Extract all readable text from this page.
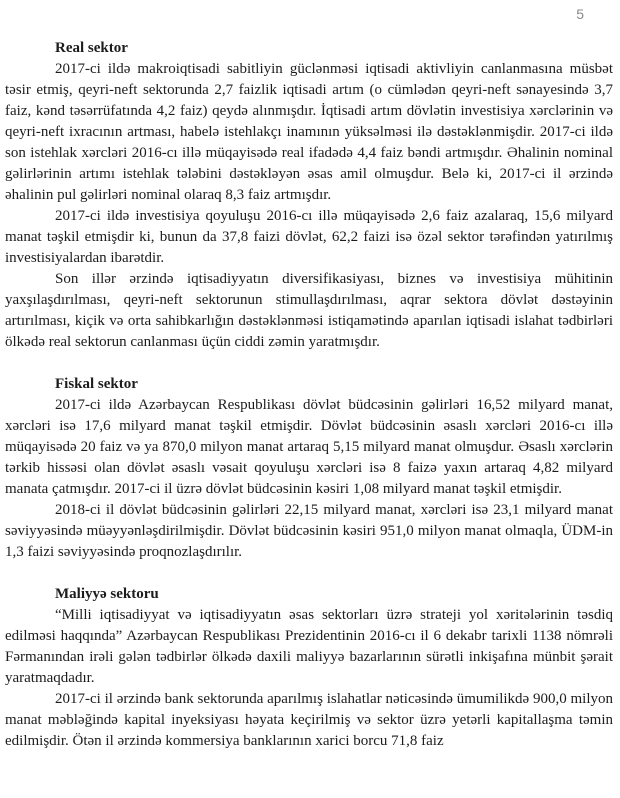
5
Real sektor

2017-ci ildə makroiqtisadi sabitliyin güclənməsi iqtisadi aktivliyin canlanmasına müsbət təsir etmiş, qeyri-neft sektorunda 2,7 faizlik iqtisadi artım (o cümlədən qeyri-neft sənayesində 3,7 faiz, kənd təsərrüfatında 4,2 faiz) qeydə alınmışdır. İqtisadi artım dövlətin investisiya xərclərinin və qeyri-neft ixracının artması, habelə istehlakçı inamının yüksəlməsi ilə dəstəklənmişdir. 2017-ci ildə son istehlak xərcləri 2016-cı illə müqayisədə real ifadədə 4,4 faiz bəndi artmışdır. Əhalinin nominal gəlirlərinin artımı istehlak tələbini dəstəkləyən əsas amil olmuşdur. Belə ki, 2017-ci il ərzində əhalinin pul gəlirləri nominal olaraq 8,3 faiz artmışdır.

2017-ci ildə investisiya qoyuluşu 2016-cı illə müqayisədə 2,6 faiz azalaraq, 15,6 milyard manat təşkil etmişdir ki, bunun da 37,8 faizi dövlət, 62,2 faizi isə özəl sektor tərəfindən yatırılmış investisiyalardan ibarətdir.

Son illər ərzində iqtisadiyyatın diversifikasiyası, biznes və investisiya mühitinin yaxşılaşdırılması, qeyri-neft sektorunun stimullaşdırılması, aqrar sektora dövlət dəstəyinin artırılması, kiçik və orta sahibkarlığın dəstəklənməsi istiqamətində aparılan iqtisadi islahat tədbirləri ölkədə real sektorun canlanması üçün ciddi zəmin yaratmışdır.

Fiskal sektor

2017-ci ildə Azərbaycan Respublikası dövlət büdcəsinin gəlirləri 16,52 milyard manat, xərcləri isə 17,6 milyard manat təşkil etmişdir. Dövlət büdcəsinin əsaslı xərcləri 2016-cı illə müqayisədə 20 faiz və ya 870,0 milyon manat artaraq 5,15 milyard manat olmuşdur. Əsaslı xərclərin tərkib hissəsi olan dövlət əsaslı vəsait qoyuluşu xərcləri isə 8 faizə yaxın artaraq 4,82 milyard manata çatmışdır. 2017-ci il üzrə dövlət büdcəsinin kəsiri 1,08 milyard manat təşkil etmişdir.

2018-ci il dövlət büdcəsinin gəlirləri 22,15 milyard manat, xərcləri isə 23,1 milyard manat səviyyəsində müəyyənləşdirilmişdir. Dövlət büdcəsinin kəsiri 951,0 milyon manat olmaqla, ÜDM-in 1,3 faizi səviyyəsində proqnozlaşdırılır.

Maliyyə sektoru

“Milli iqtisadiyyat və iqtisadiyyatın əsas sektorları üzrə strateji yol xəritələrinin təsdiq edilməsi haqqında” Azərbaycan Respublikası Prezidentinin 2016-cı il 6 dekabr tarixli 1138 nömrəli Fərmanından irəli gələn tədbirlər ölkədə daxili maliyyə bazarlarının sürətli inkişafına münbit şərait yaratmaqdadır.

2017-ci il ərzində bank sektorunda aparılmış islahatlar nəticəsində ümumilikdə 900,0 milyon manat məbləğində kapital inyeksiyası həyata keçirilmiş və sektor üzrə yetərli kapitallaşma təmin edilmişdir. Ötən il ərzində kommersiya banklarının xarici borcu 71,8 faiz
